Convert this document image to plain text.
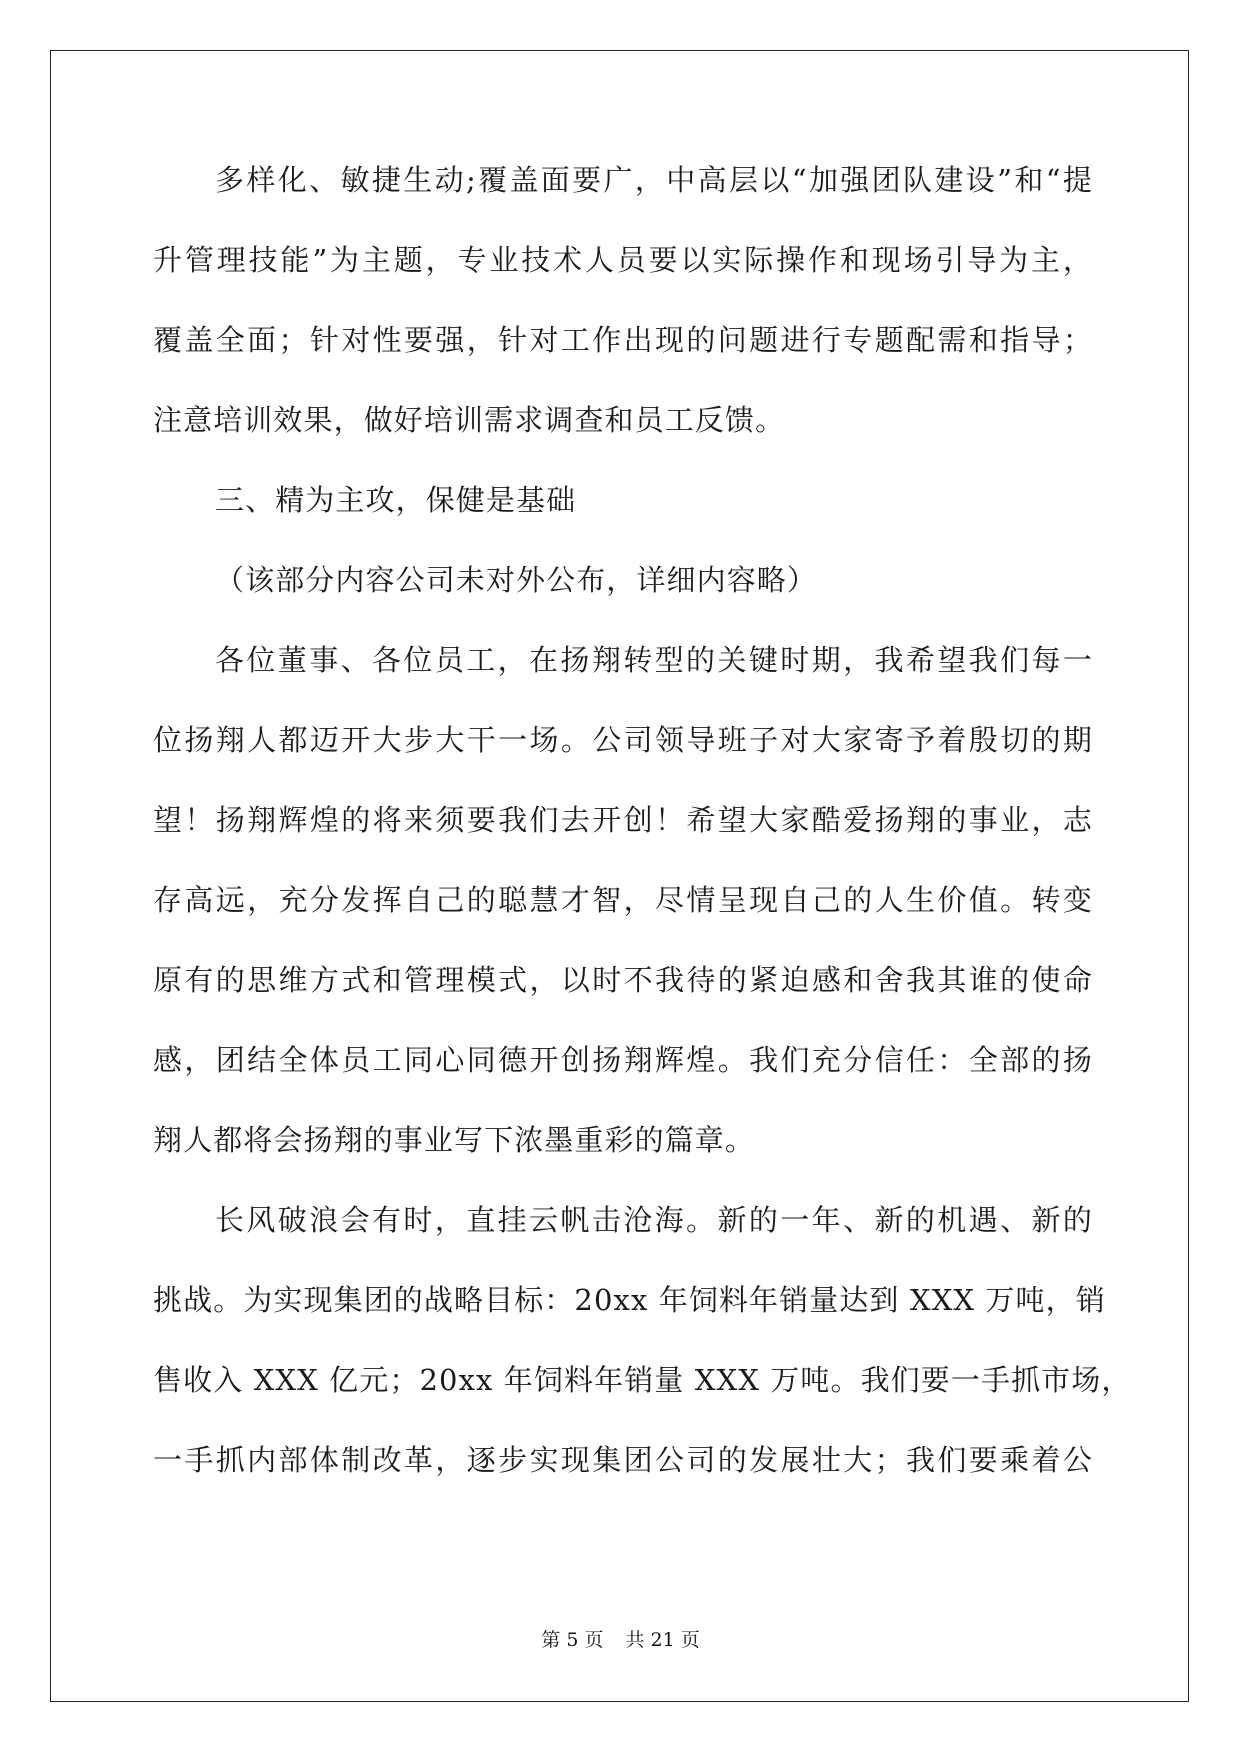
多样化、敏捷生动;覆盖面要广，中高层以“加强团队建设”和“提
升管理技能”为主题，专业技术人员要以实际操作和现场引导为主，
覆盖全面；针对性要强，针对工作出现的问题进行专题配需和指导；
注意培训效果，做好培训需求调查和员工反馈。
三、精为主攻，保健是基础
（该部分内容公司未对外公布，详细内容略）
各位董事、各位员工，在扬翔转型的关键时期，我希望我们每一
位扬翔人都迈开大步大干一场。公司领导班子对大家寄予着殷切的期
望！扬翔辉煌的将来须要我们去开创！希望大家酷爱扬翔的事业，志
存高远，充分发挥自己的聪慧才智，尽情呈现自己的人生价值。转变
原有的思维方式和管理模式，以时不我待的紧迫感和舍我其谁的使命
感，团结全体员工同心同德开创扬翔辉煌。我们充分信任：全部的扬
翔人都将会扬翔的事业写下浓墨重彩的篇章。
长风破浪会有时，直挂云帆击沧海。新的一年、新的机遇、新的
挑战。为实现集团的战略目标：20xx 年饲料年销量达到 XXX 万吨，销
售收入 XXX 亿元；20xx 年饲料年销量 XXX 万吨。我们要一手抓市场，
一手抓内部体制改革，逐步实现集团公司的发展壮大；我们要乘着公
第 5 页 共 21 页
